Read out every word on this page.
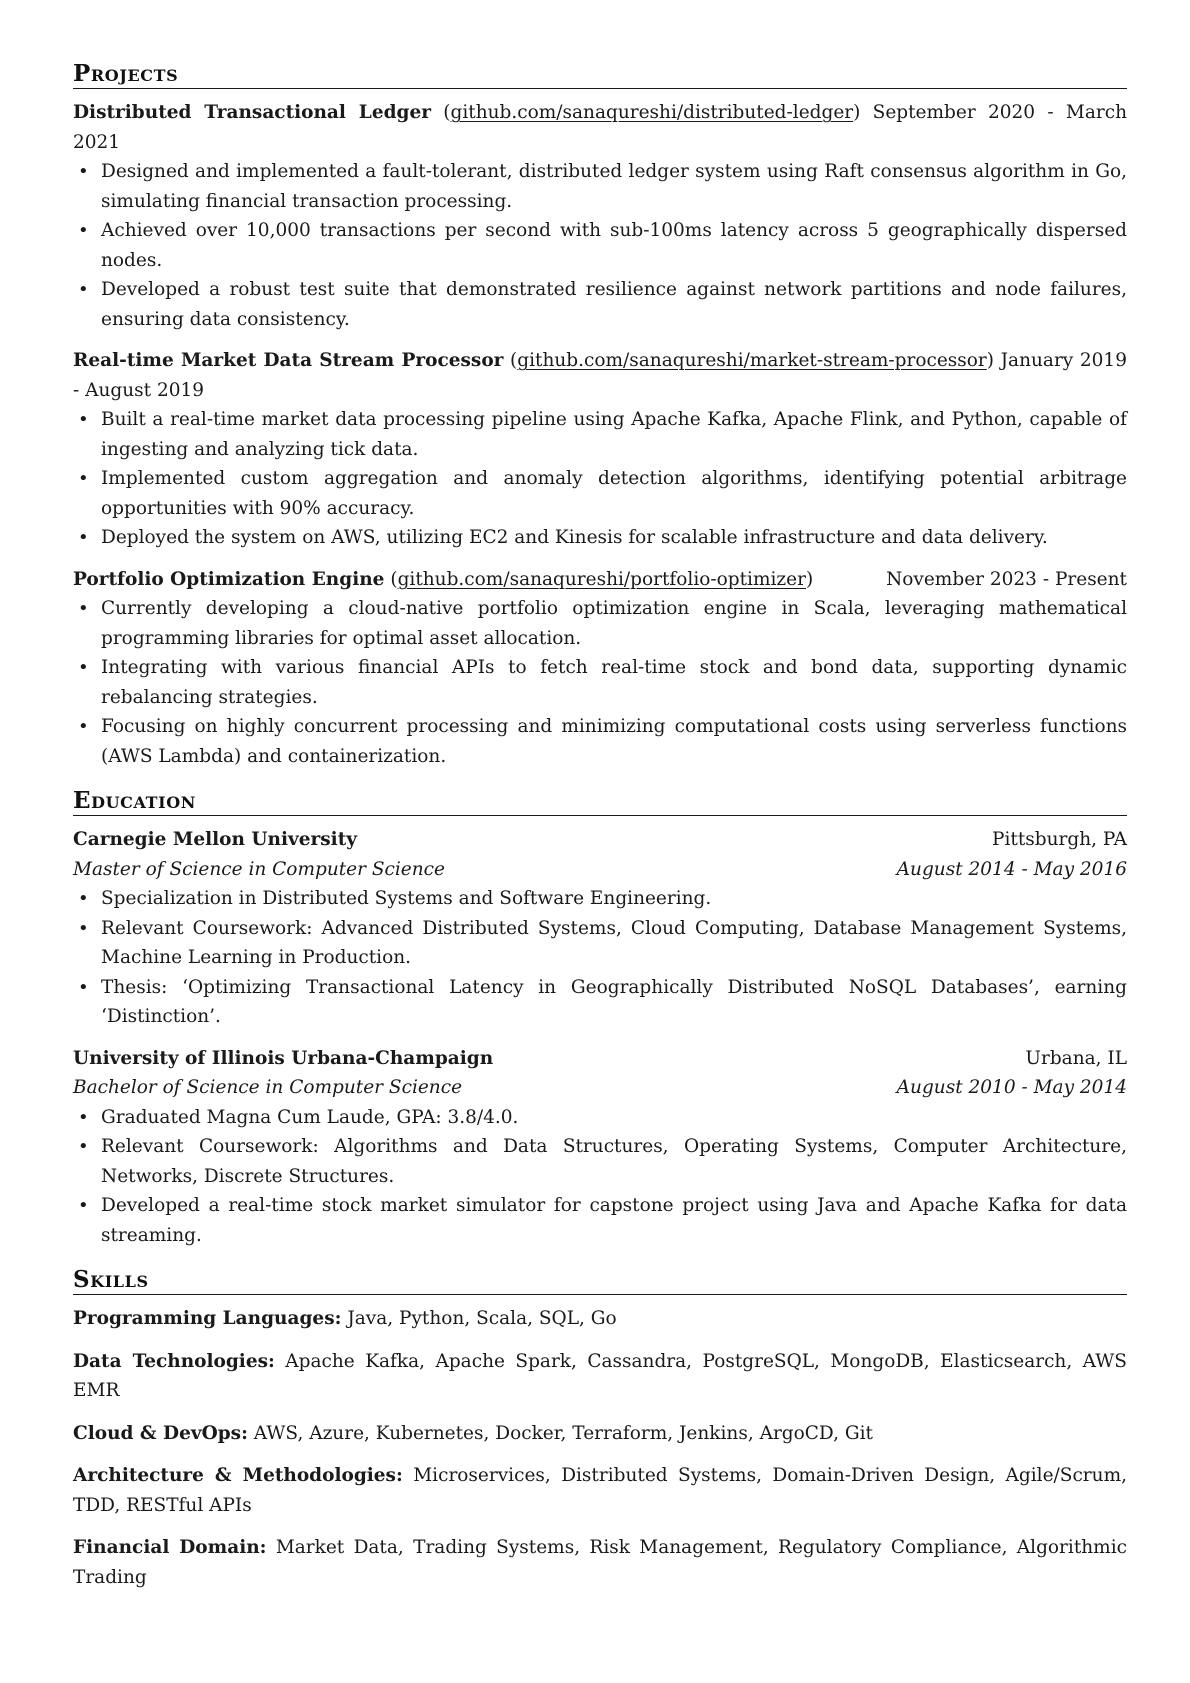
Projects
Distributed Transactional Ledger (github.com/sanaqureshi/distributed-ledger) September 2020 - March 2021
• Designed and implemented a fault-tolerant, distributed ledger system using Raft consensus algorithm in Go, simulating financial transaction processing.
• Achieved over 10,000 transactions per second with sub-100ms latency across 5 geographically dispersed nodes.
• Developed a robust test suite that demonstrated resilience against network partitions and node failures, ensuring data consistency.
Real-time Market Data Stream Processor (github.com/sanaqureshi/market-stream-processor) January 2019 - August 2019
• Built a real-time market data processing pipeline using Apache Kafka, Apache Flink, and Python, capable of ingesting and analyzing tick data.
• Implemented custom aggregation and anomaly detection algorithms, identifying potential arbitrage opportunities with 90% accuracy.
• Deployed the system on AWS, utilizing EC2 and Kinesis for scalable infrastructure and data delivery.
Portfolio Optimization Engine (github.com/sanaqureshi/portfolio-optimizer)	November 2023 - Present
• Currently developing a cloud-native portfolio optimization engine in Scala, leveraging mathematical programming libraries for optimal asset allocation.
• Integrating with various financial APIs to fetch real-time stock and bond data, supporting dynamic rebalancing strategies.
• Focusing on highly concurrent processing and minimizing computational costs using serverless functions (AWS Lambda) and containerization.
Education
Carnegie Mellon University	Pittsburgh, PA
Master of Science in Computer Science	August 2014 - May 2016
• Specialization in Distributed Systems and Software Engineering.
• Relevant Coursework: Advanced Distributed Systems, Cloud Computing, Database Management Systems, Machine Learning in Production.
• Thesis: ‘Optimizing Transactional Latency in Geographically Distributed NoSQL Databases’, earning ‘Distinction’.
University of Illinois Urbana-Champaign	Urbana, IL
Bachelor of Science in Computer Science	August 2010 - May 2014
• Graduated Magna Cum Laude, GPA: 3.8/4.0.
• Relevant Coursework: Algorithms and Data Structures, Operating Systems, Computer Architecture, Networks, Discrete Structures.
• Developed a real-time stock market simulator for capstone project using Java and Apache Kafka for data streaming.
Skills
Programming Languages: Java, Python, Scala, SQL, Go
Data Technologies: Apache Kafka, Apache Spark, Cassandra, PostgreSQL, MongoDB, Elasticsearch, AWS EMR
Cloud & DevOps: AWS, Azure, Kubernetes, Docker, Terraform, Jenkins, ArgoCD, Git
Architecture & Methodologies: Microservices, Distributed Systems, Domain-Driven Design, Agile/Scrum, TDD, RESTful APIs
Financial Domain: Market Data, Trading Systems, Risk Management, Regulatory Compliance, Algorithmic Trading
